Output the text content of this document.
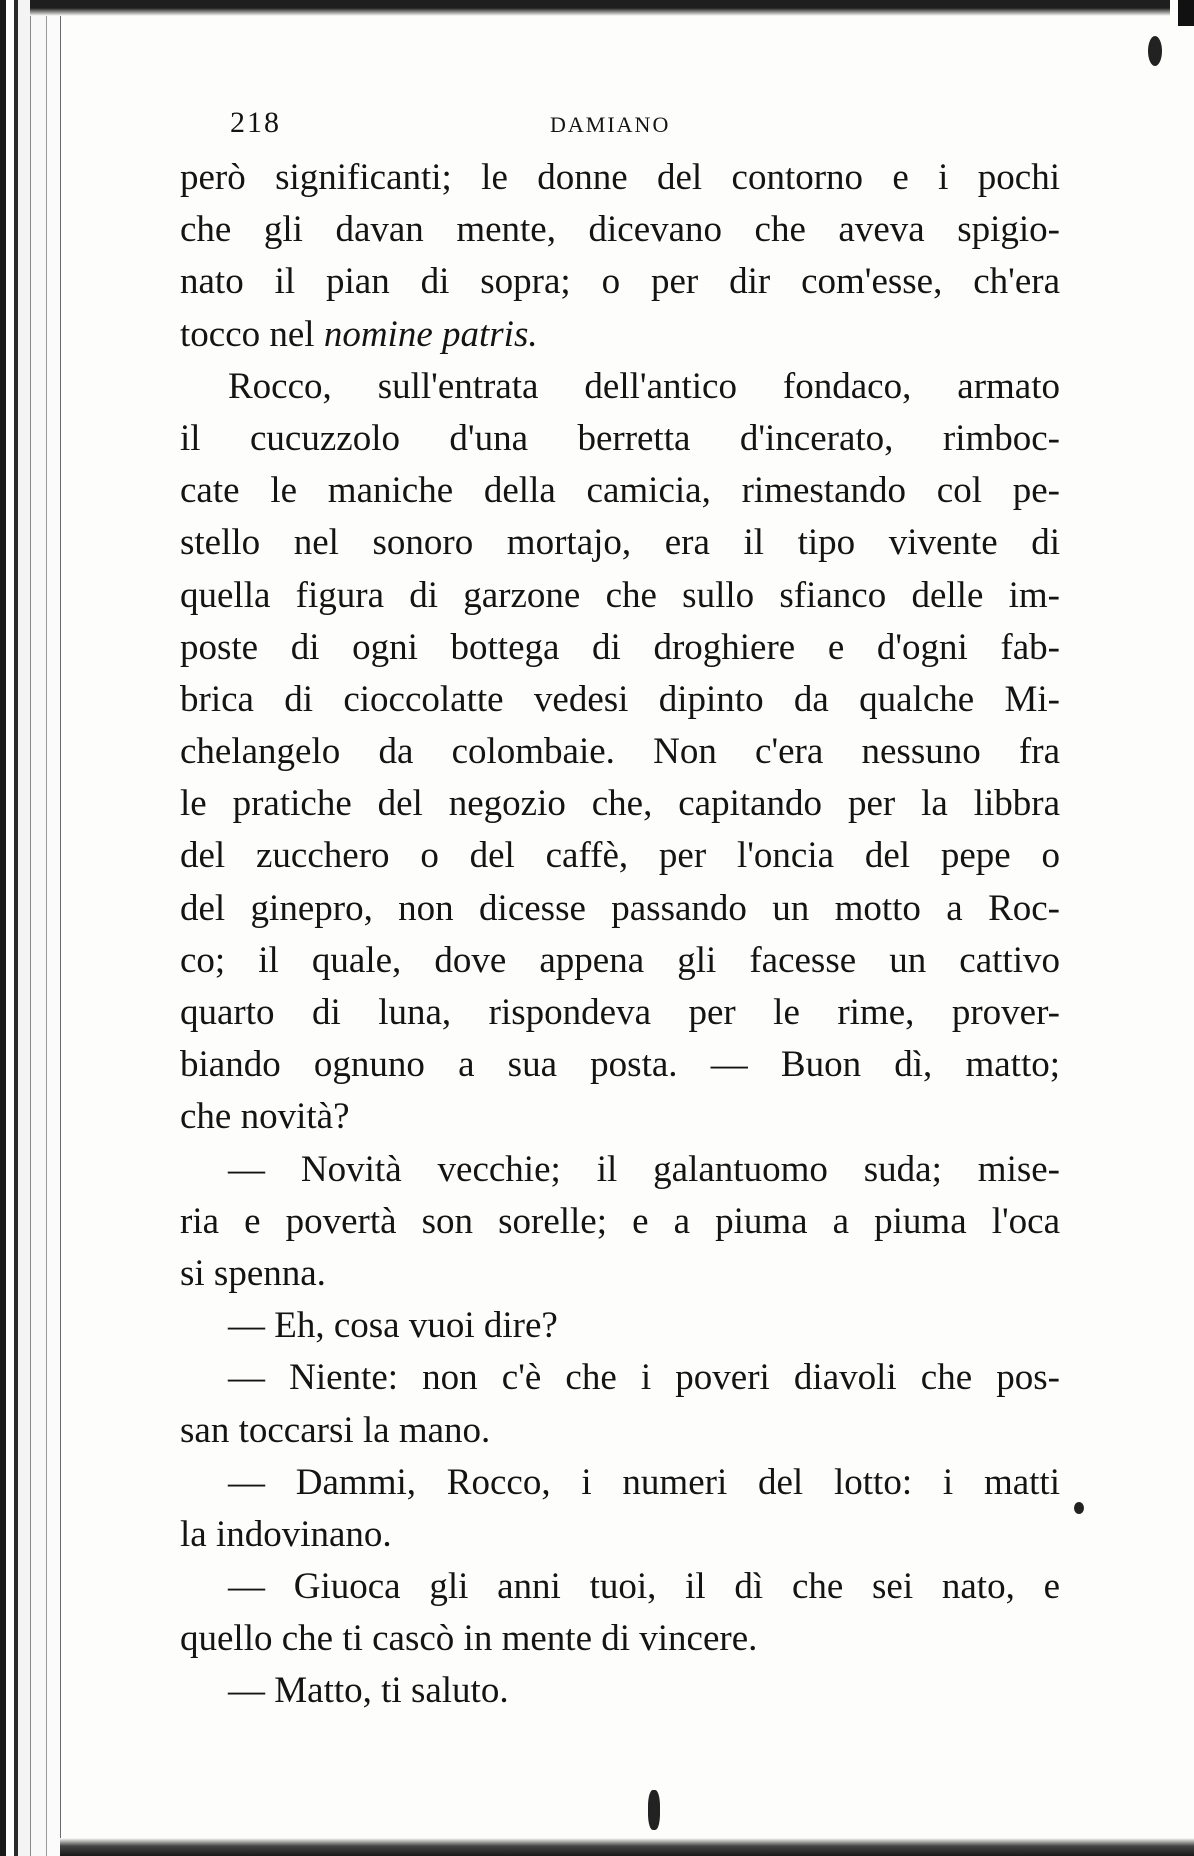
218	DAMIANO
però significanti; le donne del contorno e i pochi
che gli davan mente, dicevano che aveva spigio-
nato il pian di sopra; o per dir com'esse, ch'era
tocco nel nomine patris.
Rocco, sull'entrata dell'antico fondaco, armato
il cucuzzolo d'una berretta d'incerato, rimboc-
cate le maniche della camicia, rimestando col pe-
stello nel sonoro mortajo, era il tipo vivente di
quella figura di garzone che sullo sfianco delle im-
poste di ogni bottega di droghiere e d'ogni fab-
brica di cioccolatte vedesi dipinto da qualche Mi-
chelangelo da colombaie. Non c'era nessuno fra
le pratiche del negozio che, capitando per la libbra
del zucchero o del caffè, per l'oncia del pepe o
del ginepro, non dicesse passando un motto a Roc-
co; il quale, dove appena gli facesse un cattivo
quarto di luna, rispondeva per le rime, prover-
biando ognuno a sua posta. — Buon dì, matto;
che novità?
— Novità vecchie; il galantuomo suda; mise-
ria e povertà son sorelle; e a piuma a piuma l'oca
si spenna.
— Eh, cosa vuoi dire?
— Niente: non c'è che i poveri diavoli che pos-
san toccarsi la mano.
— Dammi, Rocco, i numeri del lotto: i matti
la indovinano.
— Giuoca gli anni tuoi, il dì che sei nato, e
quello che ti cascò in mente di vincere.
— Matto, ti saluto.
